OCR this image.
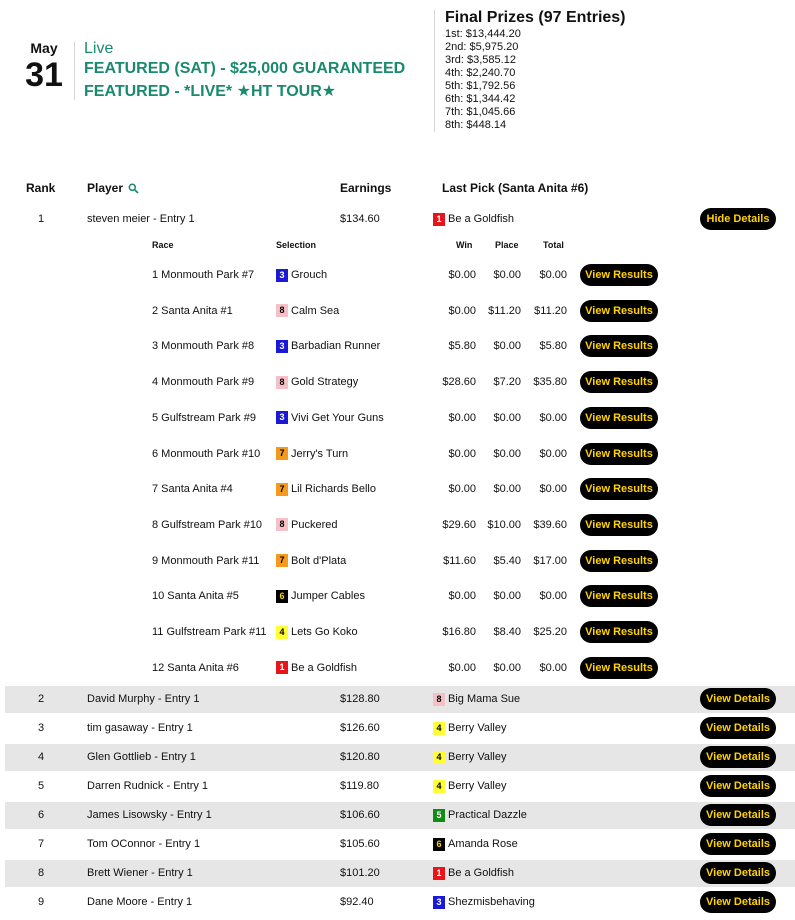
May
31
Live
FEATURED (SAT) - $25,000 GUARANTEED
FEATURED - *LIVE* ★HT TOUR★
Final Prizes (97 Entries)
1st: $13,444.20
2nd: $5,975.20
3rd: $3,585.12
4th: $2,240.70
5th: $1,792.56
6th: $1,344.42
7th: $1,045.66
8th: $448.14
Rank	Player	Earnings	Last Pick (Santa Anita #6)
1	steven meier - Entry 1	$134.60	1 Be a Goldfish	Hide Details
Race	Selection	Win	Place	Total
1 Monmouth Park #7	3 Grouch	$0.00	$0.00	$0.00	View Results
2 Santa Anita #1	8 Calm Sea	$0.00	$11.20	$11.20	View Results
3 Monmouth Park #8	3 Barbadian Runner	$5.80	$0.00	$5.80	View Results
4 Monmouth Park #9	8 Gold Strategy	$28.60	$7.20	$35.80	View Results
5 Gulfstream Park #9	3 Vivi Get Your Guns	$0.00	$0.00	$0.00	View Results
6 Monmouth Park #10	7 Jerry's Turn	$0.00	$0.00	$0.00	View Results
7 Santa Anita #4	7 Lil Richards Bello	$0.00	$0.00	$0.00	View Results
8 Gulfstream Park #10	8 Puckered	$29.60	$10.00	$39.60	View Results
9 Monmouth Park #11	7 Bolt d'Plata	$11.60	$5.40	$17.00	View Results
10 Santa Anita #5	6 Jumper Cables	$0.00	$0.00	$0.00	View Results
11 Gulfstream Park #11	4 Lets Go Koko	$16.80	$8.40	$25.20	View Results
12 Santa Anita #6	1 Be a Goldfish	$0.00	$0.00	$0.00	View Results
2	David Murphy - Entry 1	$128.80	8 Big Mama Sue	View Details
3	tim gasaway - Entry 1	$126.60	4 Berry Valley	View Details
4	Glen Gottlieb - Entry 1	$120.80	4 Berry Valley	View Details
5	Darren Rudnick - Entry 1	$119.80	4 Berry Valley	View Details
6	James Lisowsky - Entry 1	$106.60	5 Practical Dazzle	View Details
7	Tom OConnor - Entry 1	$105.60	6 Amanda Rose	View Details
8	Brett Wiener - Entry 1	$101.20	1 Be a Goldfish	View Details
9	Dane Moore - Entry 1	$92.40	3 Shezmisbehaving	View Details
